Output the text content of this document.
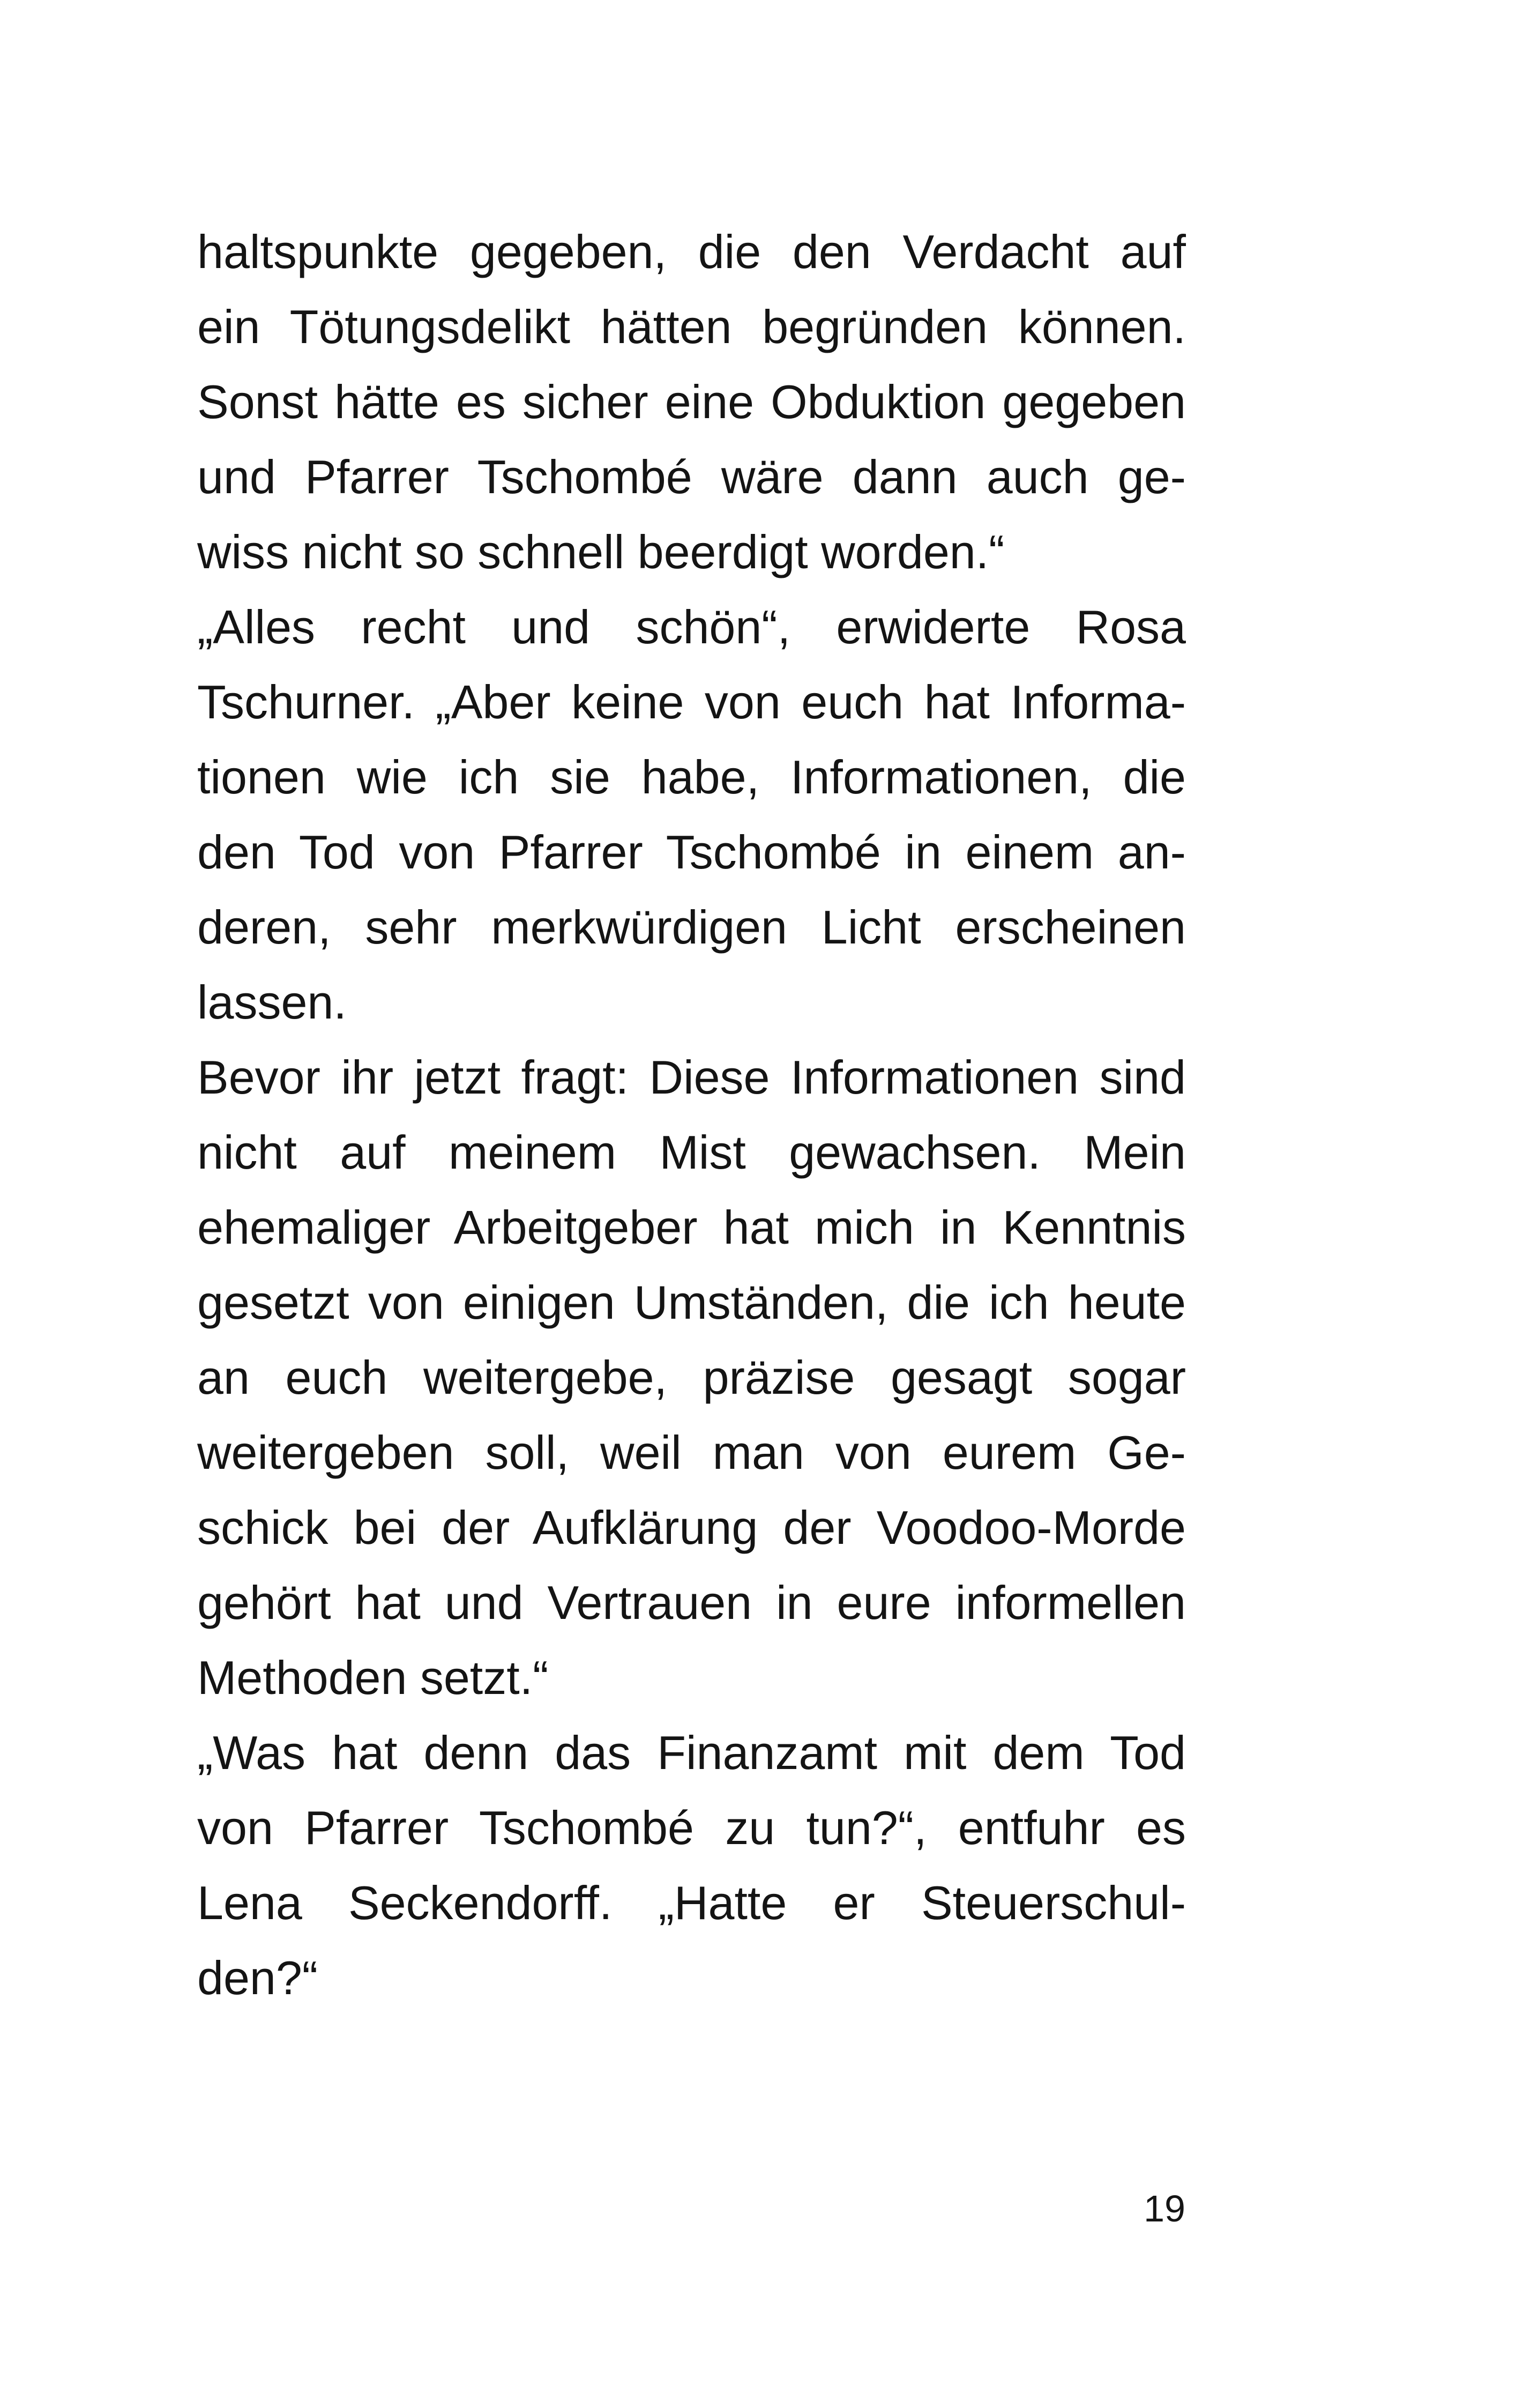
haltspunkte gegeben, die den Verdacht auf
ein Tötungsdelikt hätten begründen können.
Sonst hätte es sicher eine Obduktion gegeben
und Pfarrer Tschombé wäre dann auch ge-
wiss nicht so schnell beerdigt worden.“
„Alles recht und schön“, erwiderte Rosa
Tschurner. „Aber keine von euch hat Informa-
tionen wie ich sie habe, Informationen, die
den Tod von Pfarrer Tschombé in einem an-
deren, sehr merkwürdigen Licht erscheinen
lassen.
Bevor ihr jetzt fragt: Diese Informationen sind
nicht auf meinem Mist gewachsen. Mein
ehemaliger Arbeitgeber hat mich in Kenntnis
gesetzt von einigen Umständen, die ich heute
an euch weitergebe, präzise gesagt sogar
weitergeben soll, weil man von eurem Ge-
schick bei der Aufklärung der Voodoo-Morde
gehört hat und Vertrauen in eure informellen
Methoden setzt.“
„Was hat denn das Finanzamt mit dem Tod
von Pfarrer Tschombé zu tun?“, entfuhr es
Lena Seckendorff. „Hatte er Steuerschul-
den?“
19
